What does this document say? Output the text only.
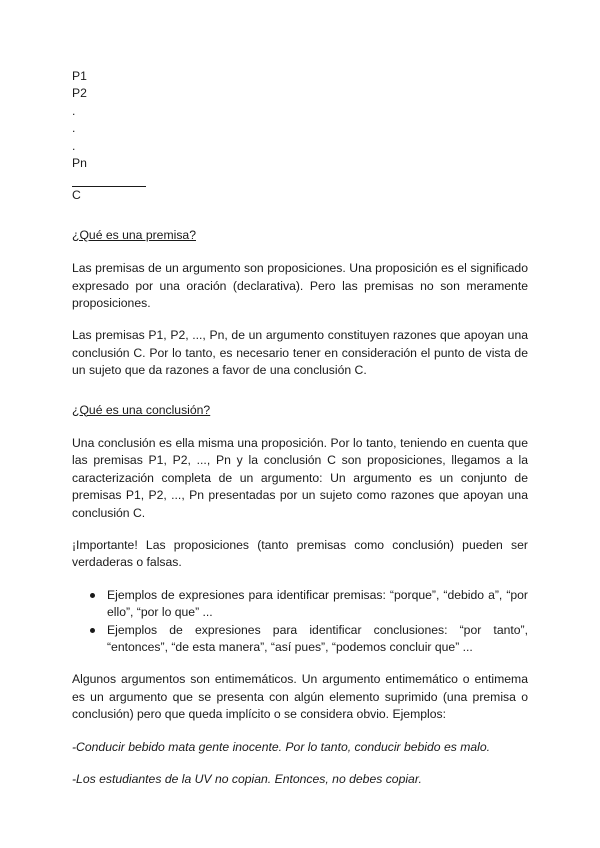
P1

P2

.

.

.

Pn

C

¿Qué es una premisa?

Las premisas de un argumento son proposiciones. Una proposición es el significado expresado por una oración (declarativa). Pero las premisas no son meramente proposiciones.

Las premisas P1, P2, ..., Pn, de un argumento constituyen razones que apoyan una conclusión C. Por lo tanto, es necesario tener en consideración el punto de vista de un sujeto que da razones a favor de una conclusión C.

¿Qué es una conclusión?

Una conclusión es ella misma una proposición. Por lo tanto, teniendo en cuenta que las premisas P1, P2, ..., Pn y la conclusión C son proposiciones, llegamos a la caracterización completa de un argumento: Un argumento es un conjunto de premisas P1, P2, ..., Pn presentadas por un sujeto como razones que apoyan una conclusión C.

¡Importante! Las proposiciones (tanto premisas como conclusión) pueden ser verdaderas o falsas.

Ejemplos de expresiones para identificar premisas: “porque”, “debido a”, “por ello”, “por lo que” ...
Ejemplos de expresiones para identificar conclusiones: “por tanto”, “entonces”, “de esta manera”, “así pues”, “podemos concluir que” ...

Algunos argumentos son entimemáticos. Un argumento entimemático o entimema es un argumento que se presenta con algún elemento suprimido (una premisa o conclusión) pero que queda implícito o se considera obvio. Ejemplos:

-Conducir bebido mata gente inocente. Por lo tanto, conducir bebido es malo.

-Los estudiantes de la UV no copian. Entonces, no debes copiar.
